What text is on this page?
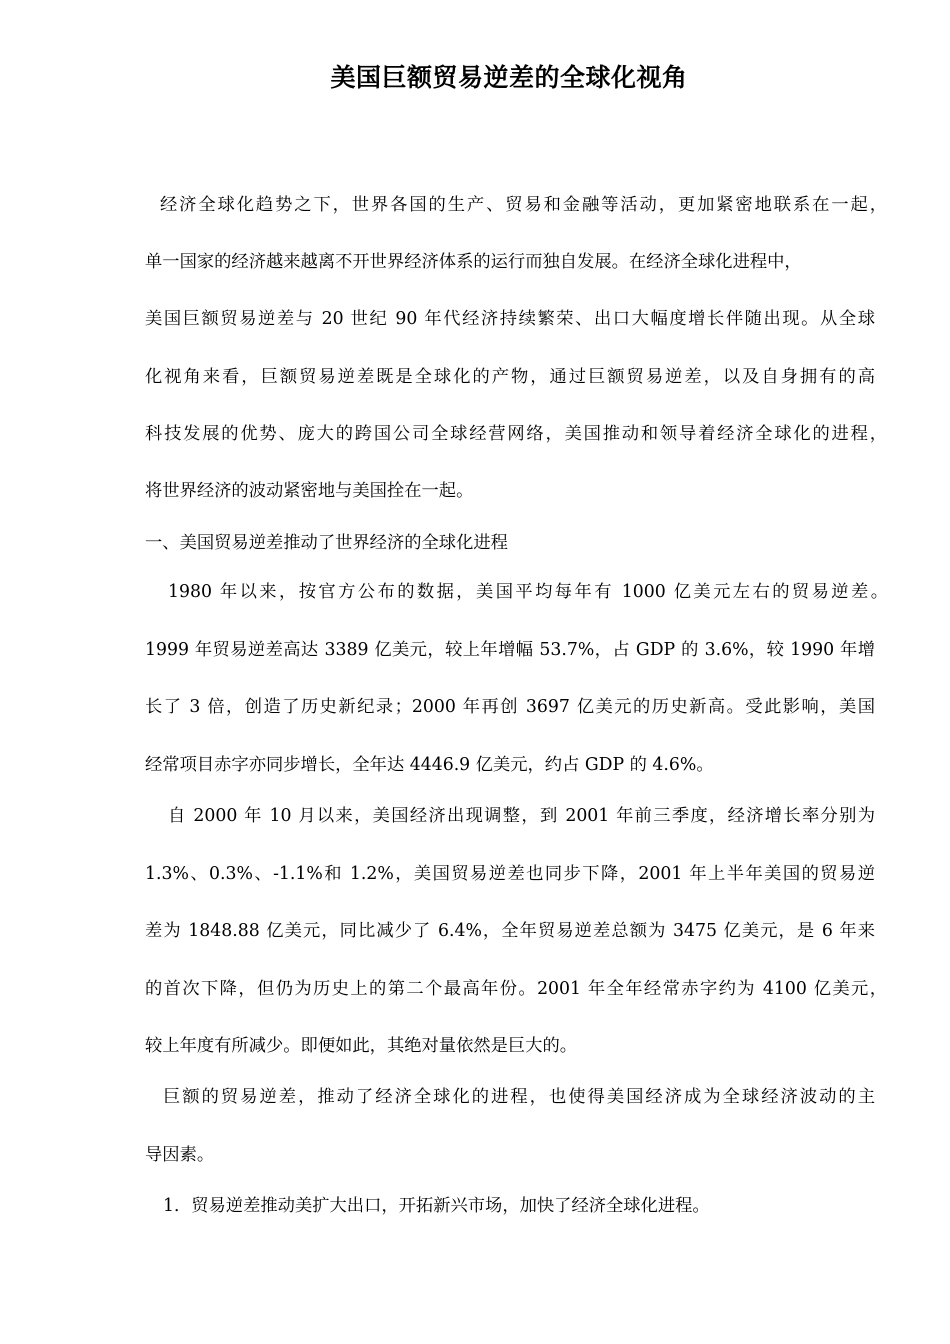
美国巨额贸易逆差的全球化视角
经济全球化趋势之下，世界各国的生产、贸易和金融等活动，更加紧密地联系在一起，
单一国家的经济越来越离不开世界经济体系的运行而独自发展。在经济全球化进程中，
美国巨额贸易逆差与 20 世纪 90 年代经济持续繁荣、出口大幅度增长伴随出现。从全球
化视角来看，巨额贸易逆差既是全球化的产物，通过巨额贸易逆差，以及自身拥有的高
科技发展的优势、庞大的跨国公司全球经营网络，美国推动和领导着经济全球化的进程，
将世界经济的波动紧密地与美国拴在一起。
一、美国贸易逆差推动了世界经济的全球化进程
1980 年以来，按官方公布的数据，美国平均每年有 1000 亿美元左右的贸易逆差。
1999 年贸易逆差高达 3389 亿美元，较上年增幅 53.7%，占 GDP 的 3.6%，较 1990 年增
长了 3 倍，创造了历史新纪录；2000 年再创 3697 亿美元的历史新高。受此影响，美国
经常项目赤字亦同步增长，全年达 4446.9 亿美元，约占 GDP 的 4.6%。
自 2000 年 10 月以来，美国经济出现调整，到 2001 年前三季度，经济增长率分别为
1.3%、0.3%、-1.1%和 1.2%，美国贸易逆差也同步下降，2001 年上半年美国的贸易逆
差为 1848.88 亿美元，同比减少了 6.4%，全年贸易逆差总额为 3475 亿美元，是 6 年来
的首次下降，但仍为历史上的第二个最高年份。2001 年全年经常赤字约为 4100 亿美元，
较上年度有所减少。即便如此，其绝对量依然是巨大的。
巨额的贸易逆差，推动了经济全球化的进程，也使得美国经济成为全球经济波动的主
导因素。
1．贸易逆差推动美扩大出口，开拓新兴市场，加快了经济全球化进程。
